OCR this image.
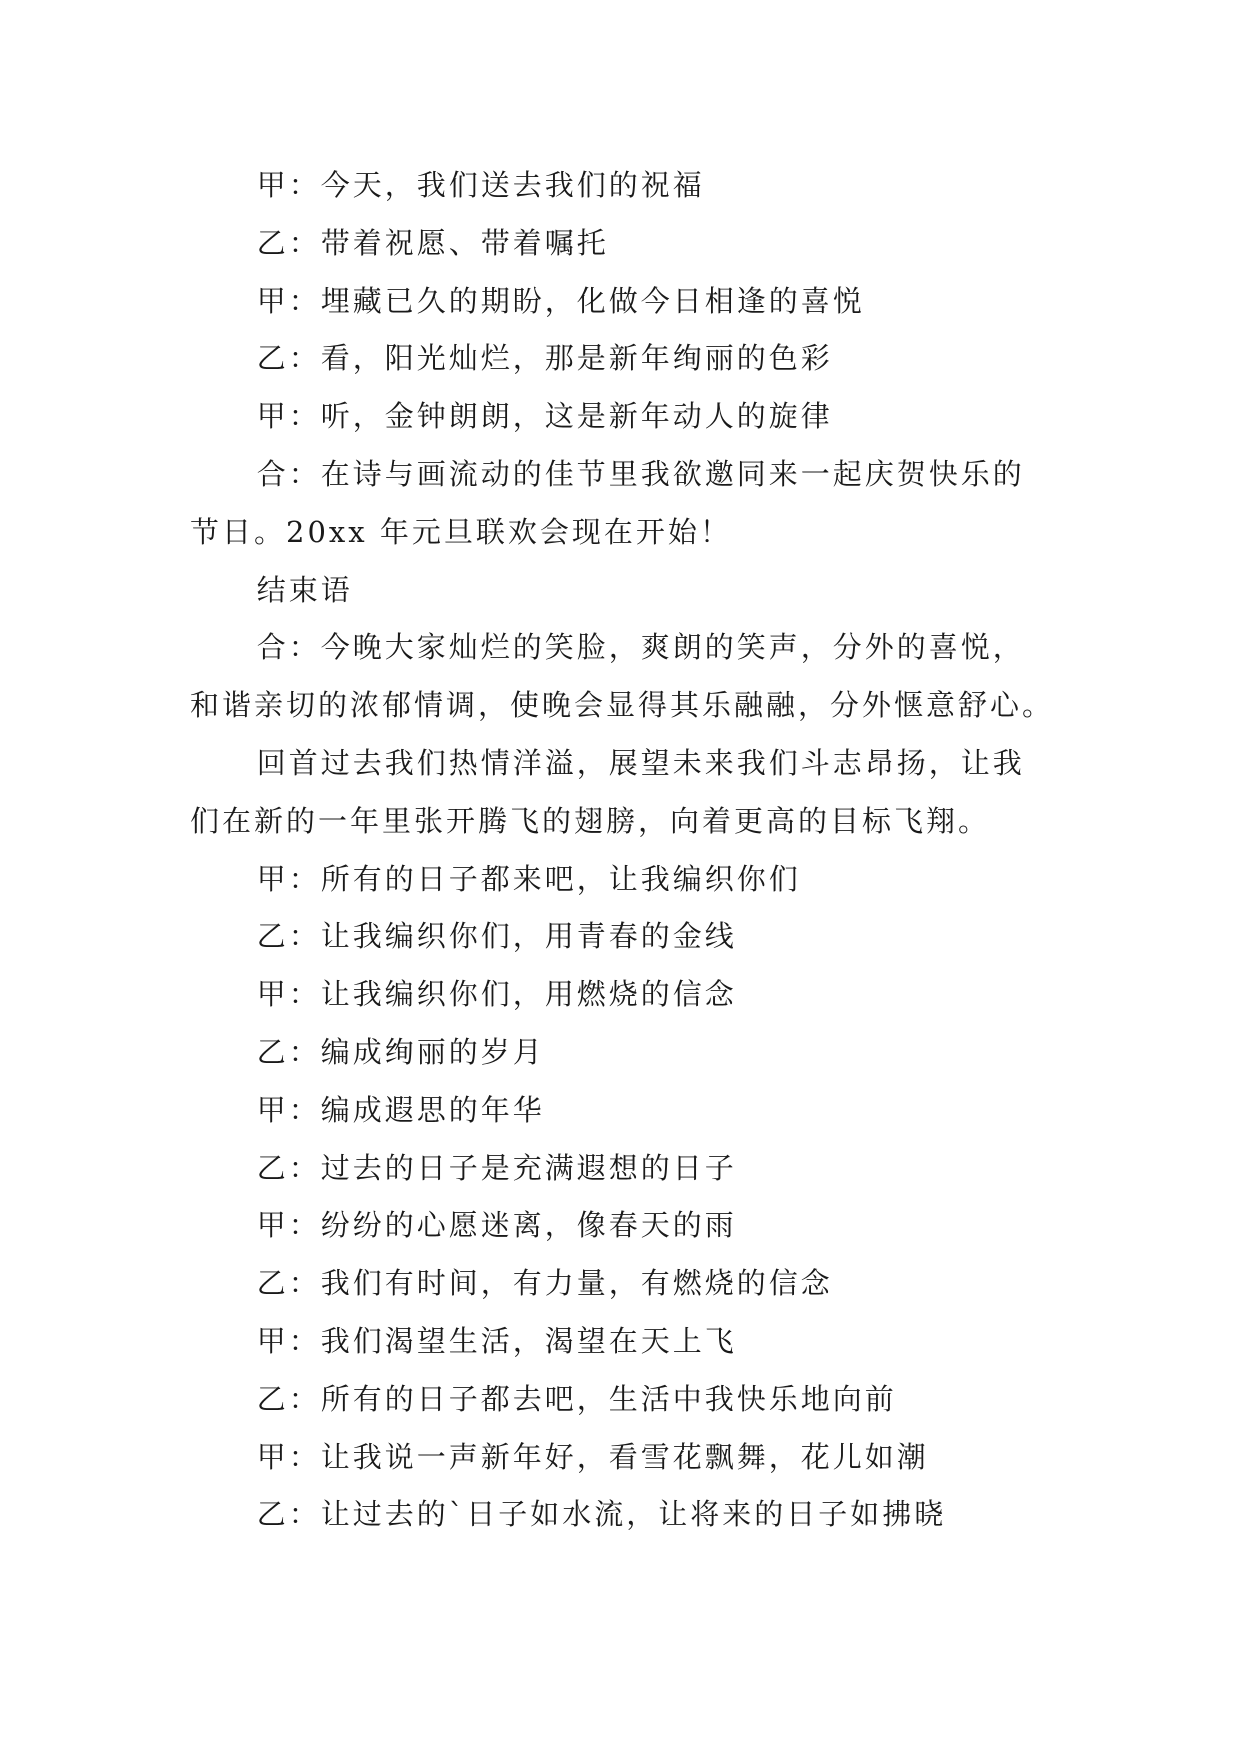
甲：今天，我们送去我们的祝福

乙：带着祝愿、带着嘱托

甲：埋藏已久的期盼，化做今日相逢的喜悦

乙：看，阳光灿烂，那是新年绚丽的色彩

甲：听，金钟朗朗，这是新年动人的旋律

合：在诗与画流动的佳节里我欲邀同来一起庆贺快乐的
节日。20xx 年元旦联欢会现在开始！

结束语

合：今晚大家灿烂的笑脸，爽朗的笑声，分外的喜悦，
和谐亲切的浓郁情调，使晚会显得其乐融融，分外惬意舒心。

回首过去我们热情洋溢，展望未来我们斗志昂扬，让我
们在新的一年里张开腾飞的翅膀，向着更高的目标飞翔。

甲：所有的日子都来吧，让我编织你们

乙：让我编织你们，用青春的金线

甲：让我编织你们，用燃烧的信念

乙：编成绚丽的岁月

甲：编成遐思的年华

乙：过去的日子是充满遐想的日子

甲：纷纷的心愿迷离，像春天的雨

乙：我们有时间，有力量，有燃烧的信念

甲：我们渴望生活，渴望在天上飞

乙：所有的日子都去吧，生活中我快乐地向前

甲：让我说一声新年好，看雪花飘舞，花儿如潮

乙：让过去的`日子如水流，让将来的日子如拂晓
